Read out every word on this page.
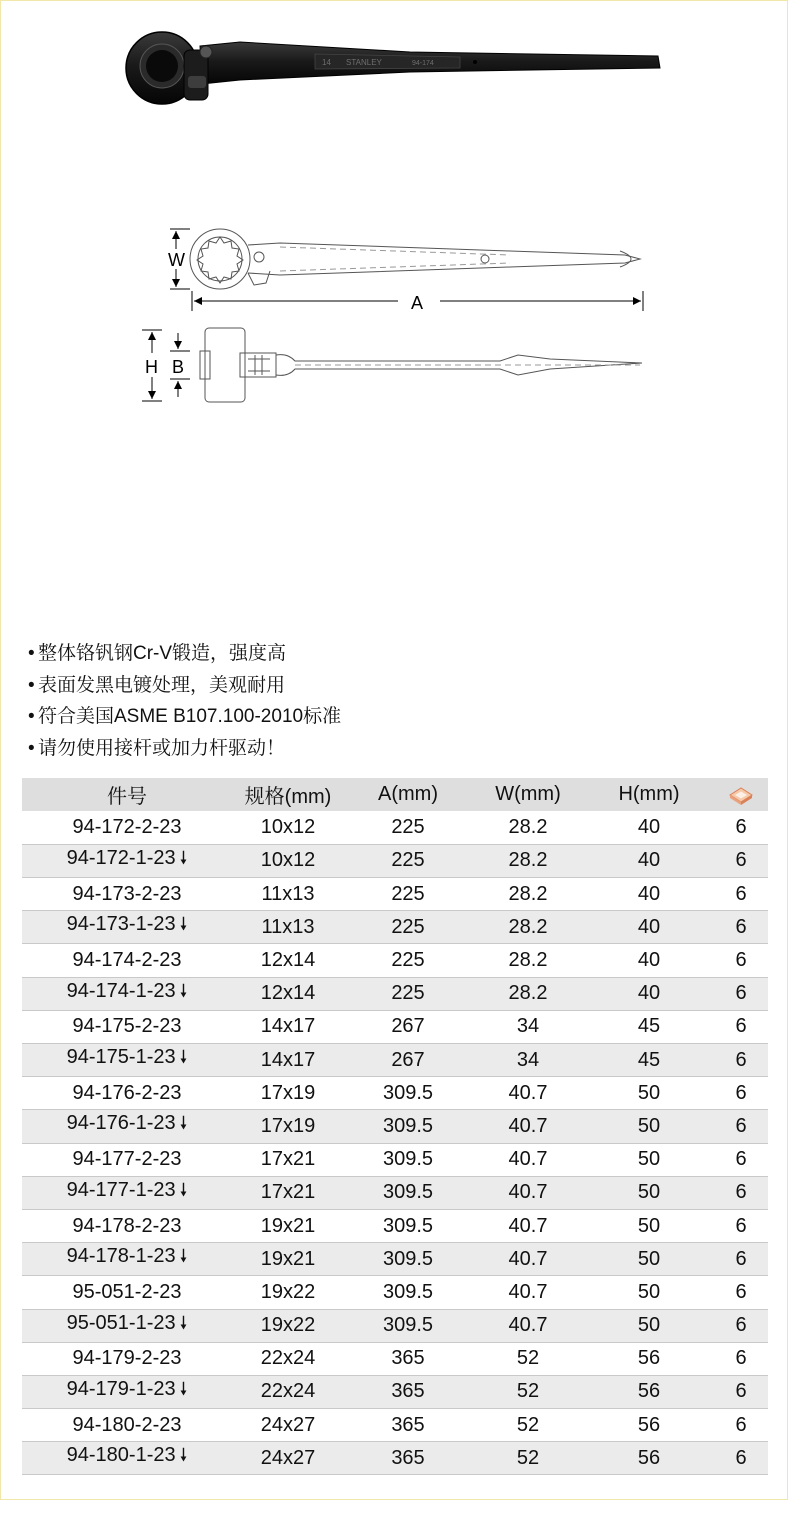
14 STANLEY	94-174
W
A
H B
• 整体铬钒钢Cr-V锻造，强度高
• 表面发黑电镀处理，美观耐用
• 符合美国ASME B107.100-2010标准
• 请勿使用接杆或加力杆驱动！
件号	规格(mm)	A(mm)	W(mm)	H(mm)	
94-172-2-23	10x12	225	28.2	40	6
94-172-1-23 🠗	10x12	225	28.2	40	6
94-173-2-23	11x13	225	28.2	40	6
94-173-1-23 🠗	11x13	225	28.2	40	6
94-174-2-23	12x14	225	28.2	40	6
94-174-1-23 🠗	12x14	225	28.2	40	6
94-175-2-23	14x17	267	34	45	6
94-175-1-23 🠗	14x17	267	34	45	6
94-176-2-23	17x19	309.5	40.7	50	6
94-176-1-23 🠗	17x19	309.5	40.7	50	6
94-177-2-23	17x21	309.5	40.7	50	6
94-177-1-23 🠗	17x21	309.5	40.7	50	6
94-178-2-23	19x21	309.5	40.7	50	6
94-178-1-23 🠗	19x21	309.5	40.7	50	6
95-051-2-23	19x22	309.5	40.7	50	6
95-051-1-23 🠗	19x22	309.5	40.7	50	6
94-179-2-23	22x24	365	52	56	6
94-179-1-23 🠗	22x24	365	52	56	6
94-180-2-23	24x27	365	52	56	6
94-180-1-23 🠗	24x27	365	52	56	6
